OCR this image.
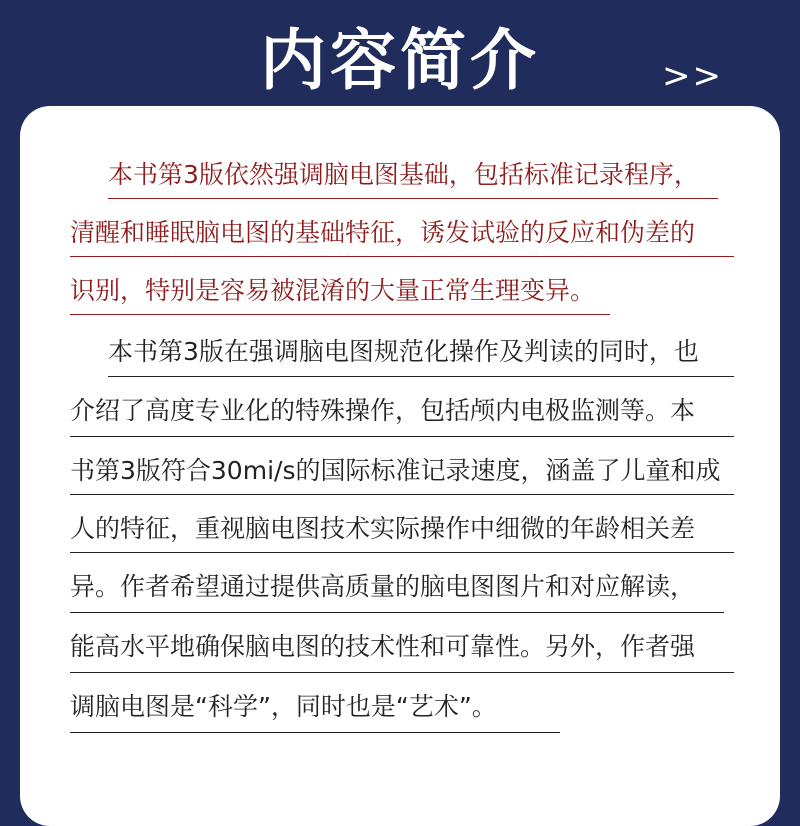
内容简介	>>
本书第3版依然强调脑电图基础，包括标准记录程序，
清醒和睡眠脑电图的基础特征，诱发试验的反应和伪差的
识别，特别是容易被混淆的大量正常生理变异。
本书第3版在强调脑电图规范化操作及判读的同时，也
介绍了高度专业化的特殊操作，包括颅内电极监测等。本
书第3版符合30mi/s的国际标准记录速度，涵盖了儿童和成
人的特征，重视脑电图技术实际操作中细微的年龄相关差
异。作者希望通过提供高质量的脑电图图片和对应解读，
能高水平地确保脑电图的技术性和可靠性。另外，作者强
调脑电图是“科学”，同时也是“艺术”。
